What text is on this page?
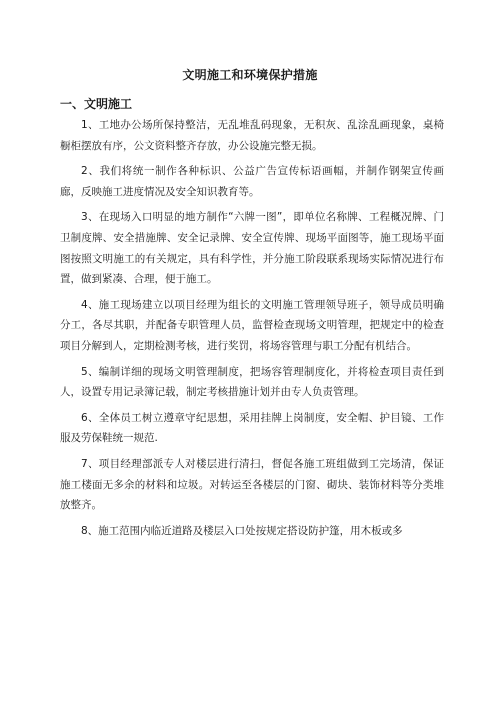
文明施工和环境保护措施
一、文明施工

1、工地办公场所保持整洁，无乱堆乱码现象，无积灰、乱涂乱画现象，桌椅橱柜摆放有序，公文资料整齐存放，办公设施完整无损。

2、我们将统一制作各种标识、公益广告宣传标语画幅，并制作钢架宣传画廊，反映施工进度情况及安全知识教育等。

3、在现场入口明显的地方制作“六牌一图”，即单位名称牌、工程概况牌、门卫制度牌、安全措施牌、安全记录牌、安全宣传牌、现场平面图等，施工现场平面图按照文明施工的有关规定，具有科学性，并分施工阶段联系现场实际情况进行布置，做到紧凑、合理，便于施工。

4、施工现场建立以项目经理为组长的文明施工管理领导班子，领导成员明确分工，各尽其职，并配备专职管理人员，监督检查现场文明管理，把规定中的检查项目分解到人，定期检测考核，进行奖罚，将场容管理与职工分配有机结合。

5、编制详细的现场文明管理制度，把场容管理制度化，并将检查项目责任到人，设置专用记录簿记载，制定考核措施计划并由专人负责管理。

6、全体员工树立遵章守纪思想，采用挂牌上岗制度，安全帽、护目镜、工作服及劳保鞋统一规范.

7、项目经理部派专人对楼层进行清扫，督促各施工班组做到工完场清，保证施工楼面无多余的材料和垃圾。对转运至各楼层的门窗、砌块、装饰材料等分类堆放整齐。

8、施工范围内临近道路及楼层入口处按规定搭设防护篷，用木板或多
